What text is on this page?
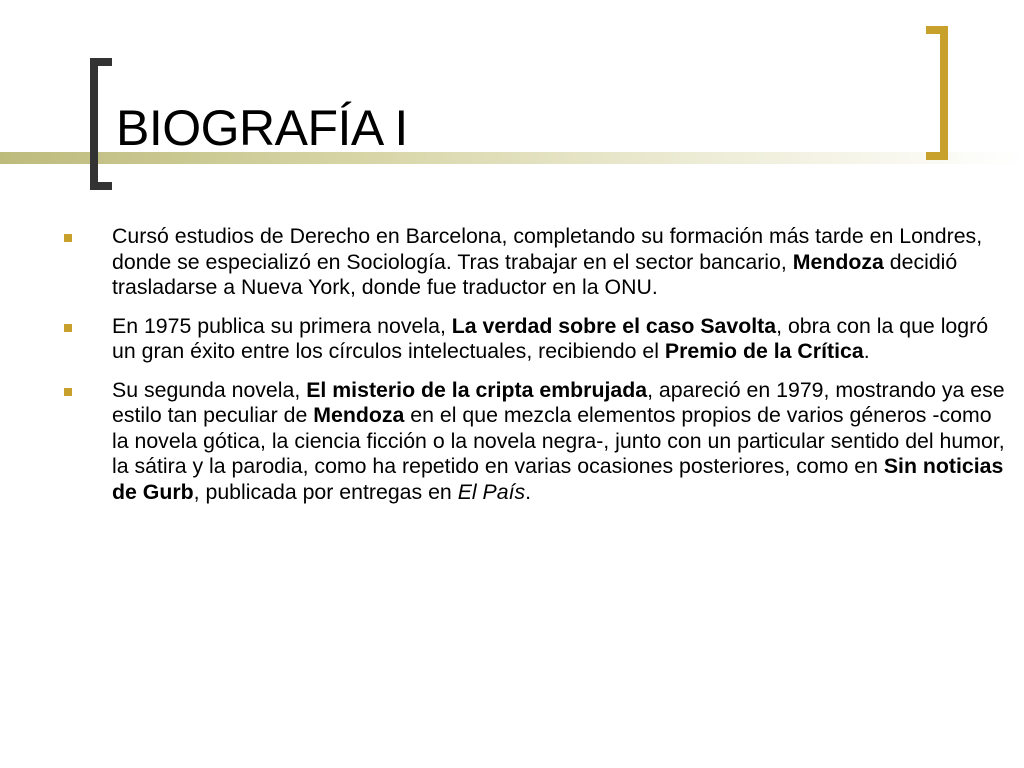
BIOGRAFÍA I
Cursó estudios de Derecho en Barcelona, completando su formación más tarde en Londres, donde se especializó en Sociología. Tras trabajar en el sector bancario, Mendoza decidió trasladarse a Nueva York, donde fue traductor en la ONU.
En 1975 publica su primera novela, La verdad sobre el caso Savolta, obra con la que logró un gran éxito entre los círculos intelectuales, recibiendo el Premio de la Crítica.
Su segunda novela, El misterio de la cripta embrujada, apareció en 1979, mostrando ya ese estilo tan peculiar de Mendoza en el que mezcla elementos propios de varios géneros -como la novela gótica, la ciencia ficción o la novela negra-, junto con un particular sentido del humor, la sátira y la parodia, como ha repetido en varias ocasiones posteriores, como en Sin noticias de Gurb, publicada por entregas en El País.
